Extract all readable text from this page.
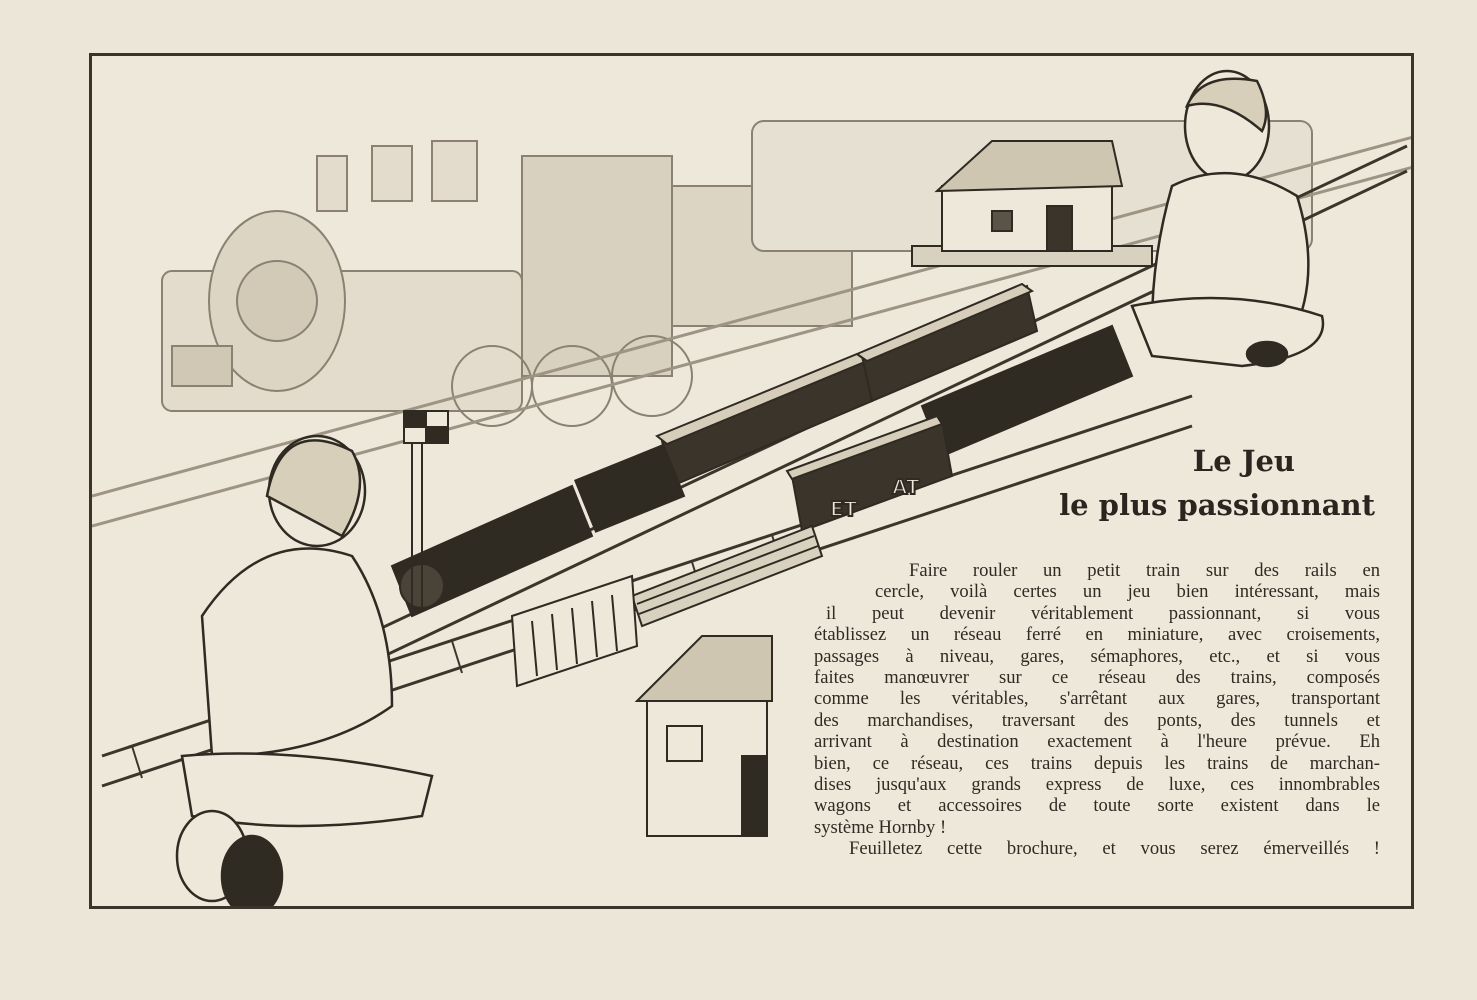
ET
AT
Le Jeu
le plus passionnant

Faire rouler un petit train sur des rails en

cercle, voilà certes un jeu bien intéressant, mais

il peut devenir véritablement passionnant, si vous

établissez un réseau ferré en miniature, avec croisements,

passages à niveau, gares, sémaphores, etc., et si vous

faites manœuvrer sur ce réseau des trains, composés

comme les véritables, s'arrêtant aux gares, transportant

des marchandises, traversant des ponts, des tunnels et

arrivant à destination exactement à l'heure prévue. Eh

bien, ce réseau, ces trains depuis les trains de marchan-

dises jusqu'aux grands express de luxe, ces innombrables

wagons et accessoires de toute sorte existent dans le

système Hornby !

Feuilletez cette brochure, et vous serez émerveillés !
